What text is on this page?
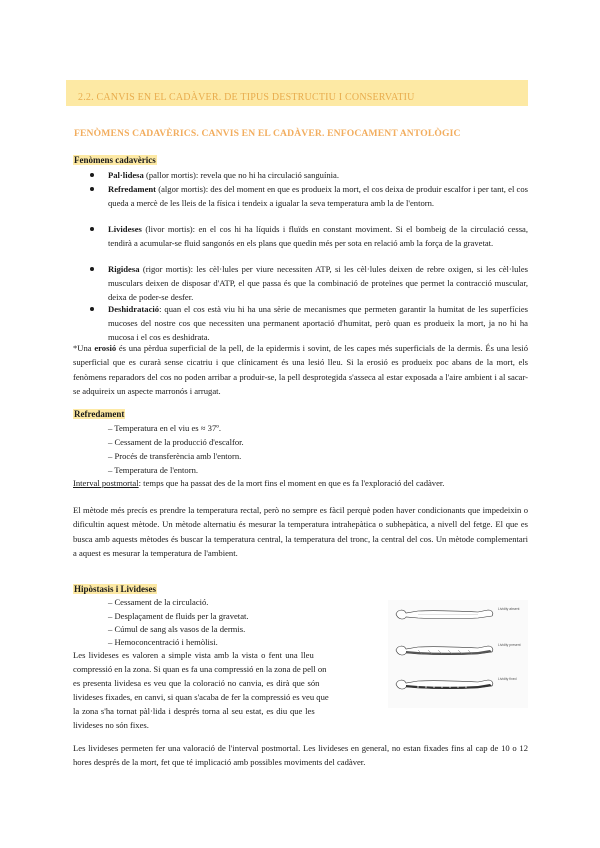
2.2. CANVIS EN EL CADÀVER. DE TIPUS DESTRUCTIU I CONSERVATIU
FENÒMENS CADAVÈRICS. CANVIS EN EL CADÀVER. ENFOCAMENT ANTOLÒGIC
Fenòmens cadavèrics
Pal·lidesa (pallor mortis): revela que no hi ha circulació sanguínia.
Refredament (algor mortis): des del moment en que es produeix la mort, el cos deixa de produir escalfor i per tant, el cos queda a mercè de les lleis de la física i tendeix a igualar la seva temperatura amb la de l'entorn.
Livideses (livor mortis): en el cos hi ha líquids i fluïds en constant moviment. Si el bombeig de la circulació cessa, tendirà a acumular-se fluid sangonós en els plans que quedin més per sota en relació amb la força de la gravetat.
Rigidesa (rigor mortis): les cèl·lules per viure necessiten ATP, si les cèl·lules deixen de rebre oxigen, si les cèl·lules musculars deixen de disposar d'ATP, el que passa és que la combinació de proteïnes que permet la contracció muscular, deixa de poder-se desfer.
Deshidratació: quan el cos està viu hi ha una sèrie de mecanismes que permeten garantir la humitat de les superfícies mucoses del nostre cos que necessiten una permanent aportació d'humitat, però quan es produeix la mort, ja no hi ha mucosa i el cos es deshidrata.

*Una erosió és una pèrdua superficial de la pell, de la epidermis i sovint, de les capes més superficials de la dermis. És una lesió superficial que es curarà sense cicatriu i que clínicament és una lesió lleu. Si la erosió es produeix poc abans de la mort, els fenòmens reparadors del cos no poden arribar a produir-se, la pell desprotegida s'asseca al estar exposada a l'aire ambient i al sacar-se adquireix un aspecte marronós i arrugat.

Refredament
– Temperatura en el viu es ≈ 37º.
– Cessament de la producció d'escalfor.
– Procés de transferència amb l'entorn.
– Temperatura de l'entorn.
Interval postmortal: temps que ha passat des de la mort fins el moment en que es fa l'exploració del cadàver.

El mètode més precís es prendre la temperatura rectal, però no sempre es fàcil perquè poden haver condicionants que impedeixin o dificultin aquest mètode. Un mètode alternatiu és mesurar la temperatura intrahepàtica o subhepàtica, a nivell del fetge. El que es busca amb aquests mètodes és buscar la temperatura central, la temperatura del tronc, la central del cos. Un mètode complementari a aquest es mesurar la temperatura de l'ambient.

Hipòstasis i Livideses
– Cessament de la circulació.
– Desplaçament de fluids per la gravetat.
– Cúmul de sang als vasos de la dermis.
– Hemoconcentració i hemòlisi.
Les livideses es valoren a simple vista amb la vista o fent una lleu
compressió en la zona. Si quan es fa una compressió en la zona de pell on
es presenta lividesa es veu que la coloració no canvia, es dirà que són
livideses fixades, en canvi, si quan s'acaba de fer la compressió es veu que
la zona s'ha tornat pàl·lida i després torna al seu estat, es diu que les
livideses no són fixes.
Lividity absent
Lividity present
Lividity fixed

Les livideses permeten fer una valoració de l'interval postmortal. Les livideses en general, no estan fixades fins al cap de 10 o 12 hores després de la mort, fet que té implicació amb possibles moviments del cadàver.
